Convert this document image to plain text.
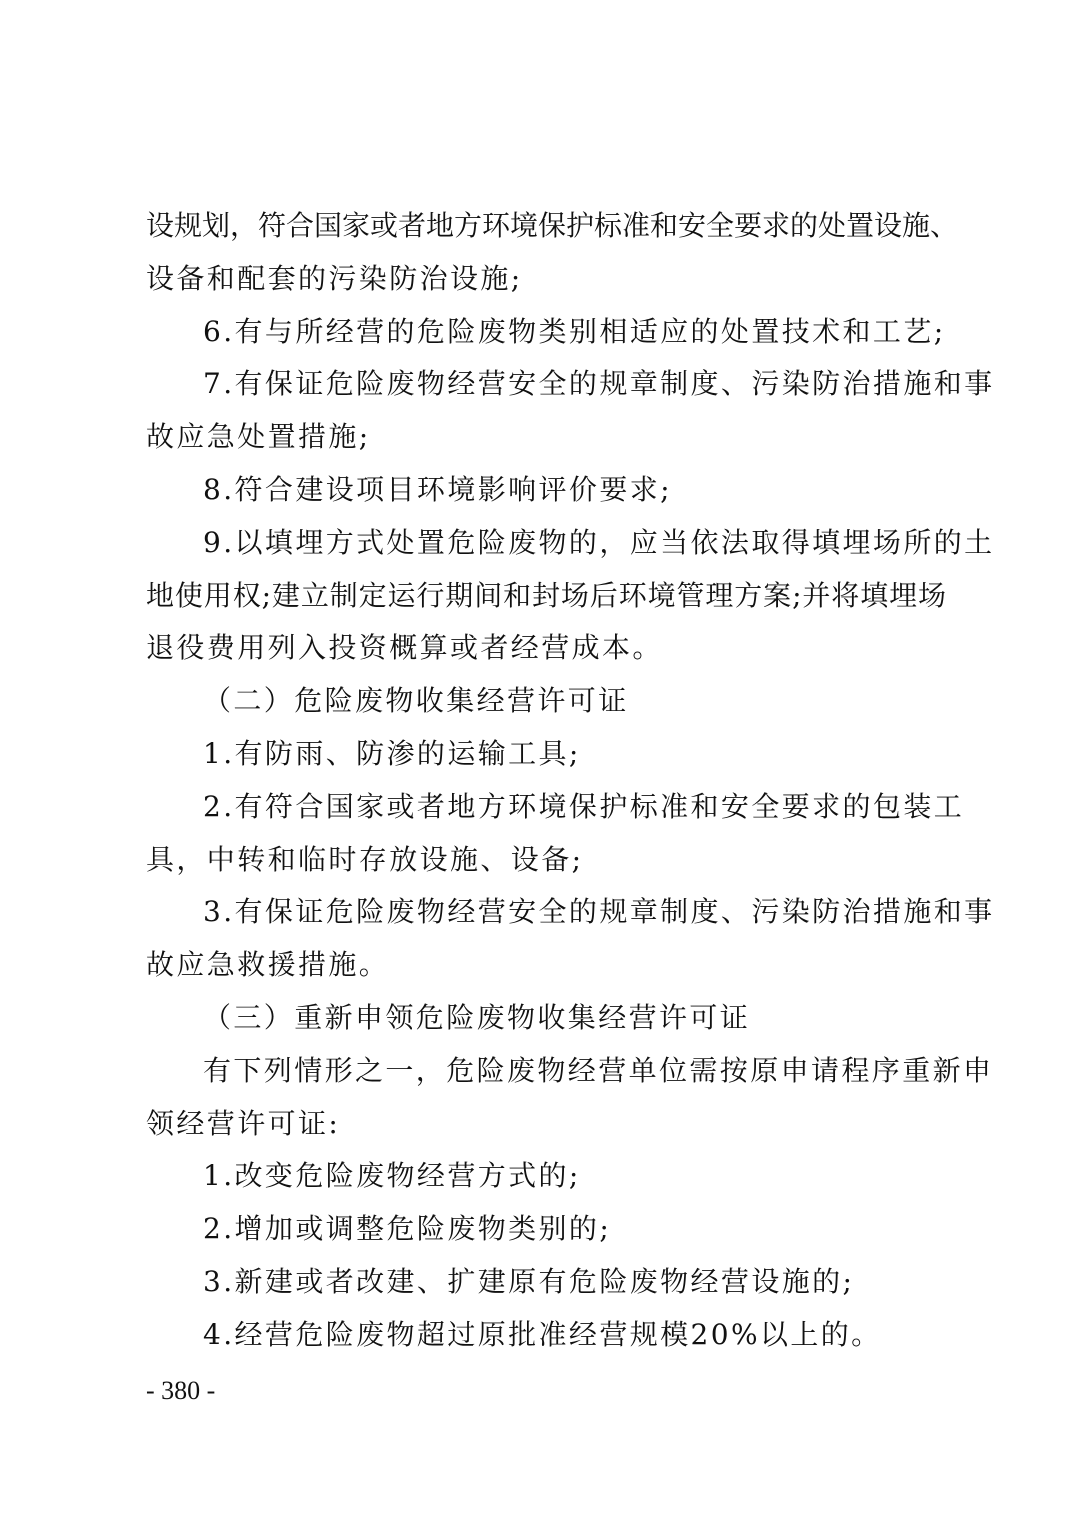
设规划，符合国家或者地方环境保护标准和安全要求的处置设施、
设备和配套的污染防治设施;
6.有与所经营的危险废物类别相适应的处置技术和工艺;
7.有保证危险废物经营安全的规章制度、污染防治措施和事
故应急处置措施;
8.符合建设项目环境影响评价要求;
9.以填埋方式处置危险废物的，应当依法取得填埋场所的土
地使用权;建立制定运行期间和封场后环境管理方案;并将填埋场
退役费用列入投资概算或者经营成本。
（二）危险废物收集经营许可证
1.有防雨、防渗的运输工具;
2.有符合国家或者地方环境保护标准和安全要求的包装工
具，中转和临时存放设施、设备;
3.有保证危险废物经营安全的规章制度、污染防治措施和事
故应急救援措施。
（三）重新申领危险废物收集经营许可证
有下列情形之一，危险废物经营单位需按原申请程序重新申
领经营许可证:
1.改变危险废物经营方式的;
2.增加或调整危险废物类别的;
3.新建或者改建、扩建原有危险废物经营设施的;
4.经营危险废物超过原批准经营规模20%以上的。
- 380 -
